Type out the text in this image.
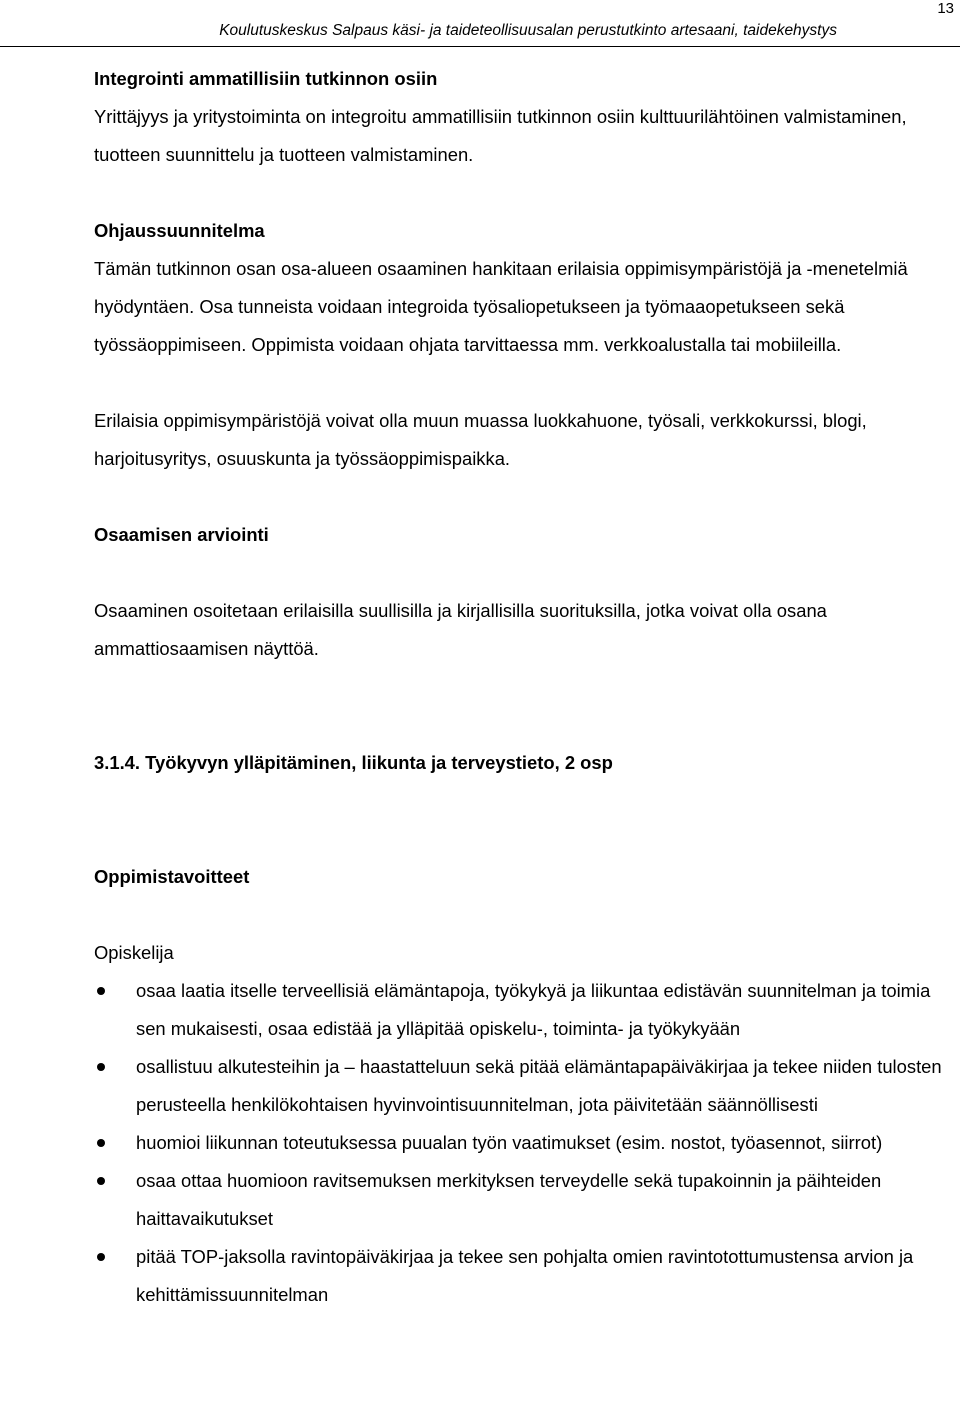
13
Koulutuskeskus Salpaus käsi- ja taideteollisuusalan perustutkinto artesaani, taidekehystys
Integrointi ammatillisiin tutkinnon osiin

Yrittäjyys ja yritystoiminta on integroitu ammatillisiin tutkinnon osiin kulttuurilähtöinen valmistaminen, tuotteen suunnittelu ja tuotteen valmistaminen.

Ohjaussuunnitelma

Tämän tutkinnon osan osa-alueen osaaminen hankitaan erilaisia oppimisympäristöjä ja -menetelmiä hyödyntäen. Osa tunneista voidaan integroida työsaliopetukseen ja työmaaopetukseen sekä työssäoppimiseen. Oppimista voidaan ohjata tarvittaessa mm. verkkoalustalla tai mobiileilla.

Erilaisia oppimisympäristöjä voivat olla muun muassa luokkahuone, työsali, verkkokurssi, blogi, harjoitusyritys, osuuskunta ja työssäoppimispaikka.

Osaamisen arviointi

Osaaminen osoitetaan erilaisilla suullisilla ja kirjallisilla suorituksilla, jotka voivat olla osana ammattiosaamisen näyttöä.

3.1.4. Työkyvyn ylläpitäminen, liikunta ja terveystieto, 2 osp
Oppimistavoitteet

Opiskelija

osaa laatia itselle terveellisiä elämäntapoja, työkykyä ja liikuntaa edistävän suunnitelman ja toimia sen mukaisesti, osaa edistää ja ylläpitää opiskelu-, toiminta- ja työkykyään
osallistuu alkutesteihin ja – haastatteluun sekä pitää elämäntapapäiväkirjaa ja tekee niiden tulosten perusteella henkilökohtaisen hyvinvointisuunnitelman, jota päivitetään säännöllisesti
huomioi liikunnan toteutuksessa puualan työn vaatimukset (esim. nostot, työasennot, siirrot)
osaa ottaa huomioon ravitsemuksen merkityksen terveydelle sekä tupakoinnin ja päihteiden haittavaikutukset
pitää TOP-jaksolla ravintopäiväkirjaa ja tekee sen pohjalta omien ravintotottumustensa arvion ja kehittämissuunnitelman
